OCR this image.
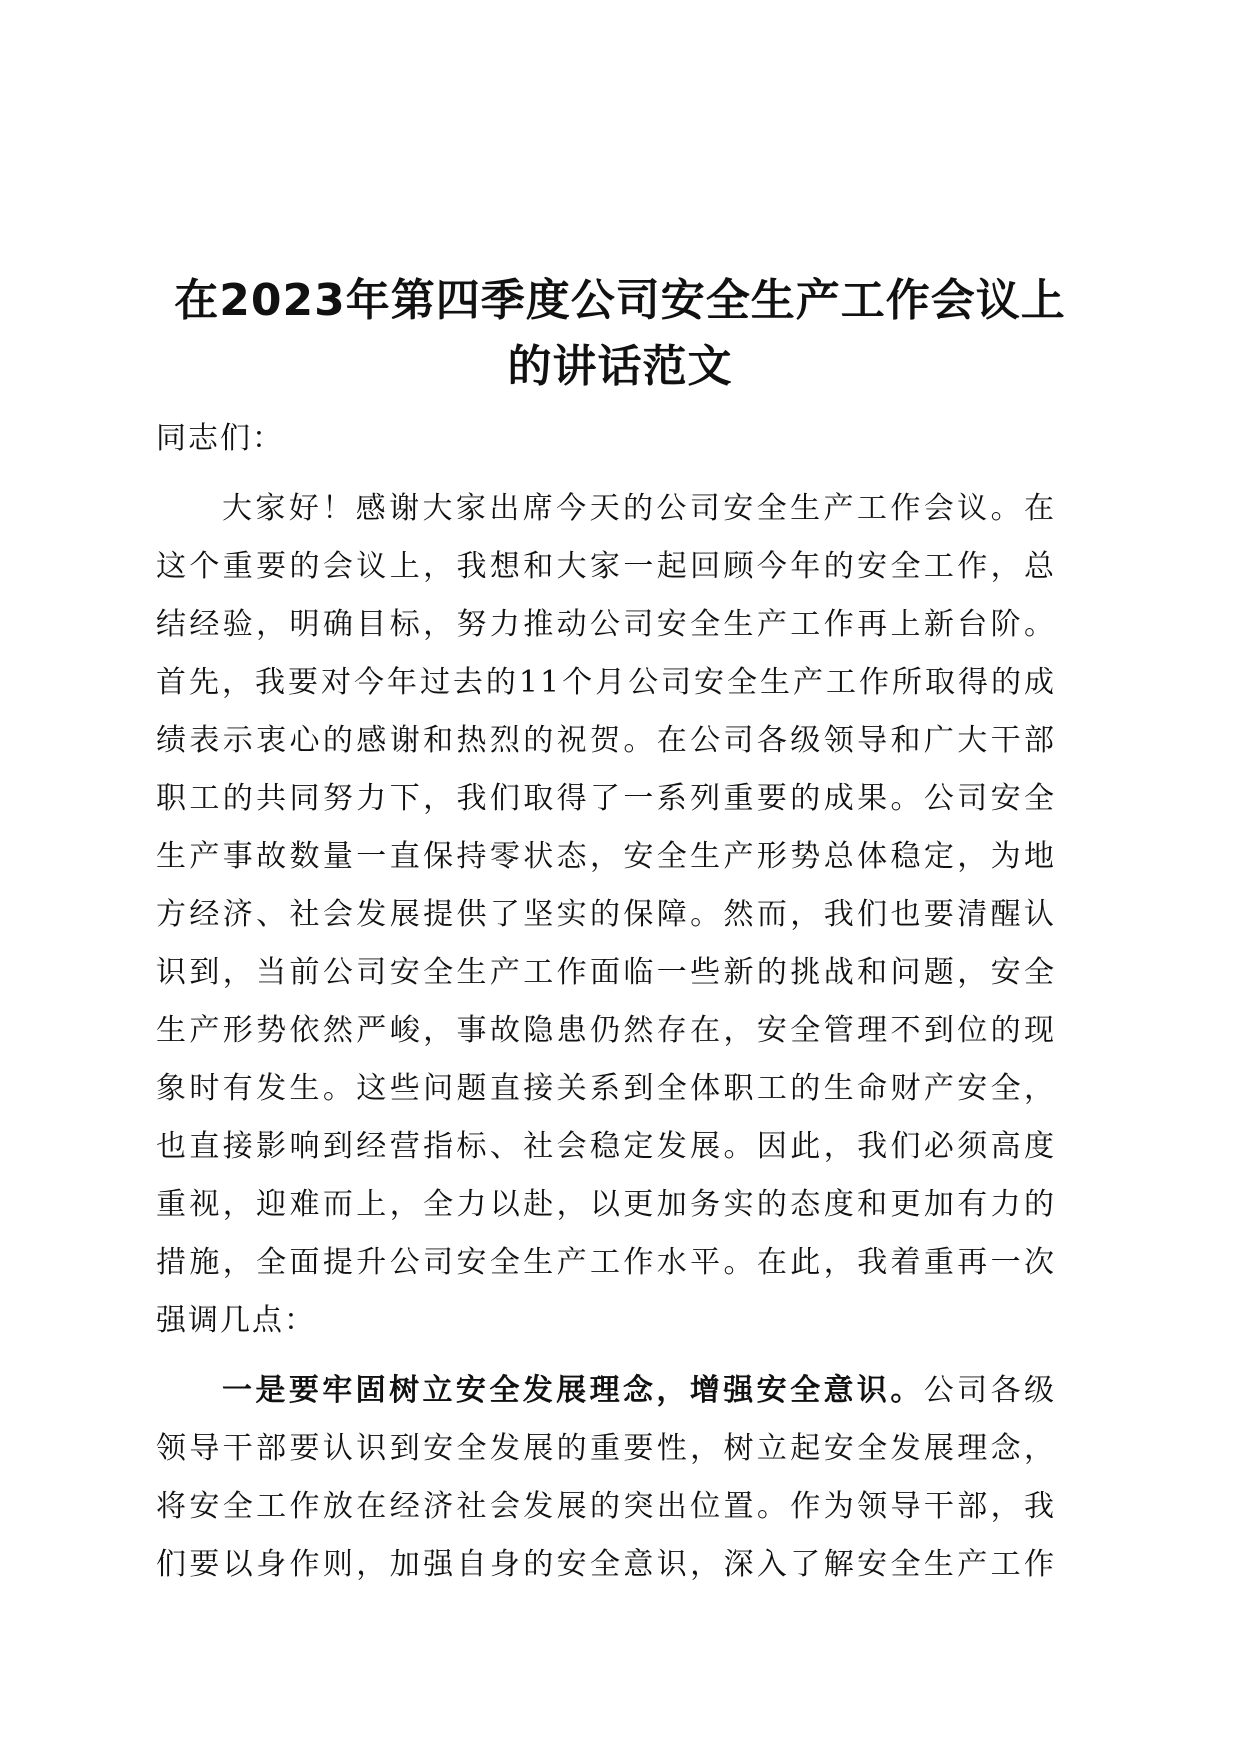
在2023年第四季度公司安全生产工作会议上
的讲话范文
同志们：
大家好！感谢大家出席今天的公司安全生产工作会议。在
这个重要的会议上，我想和大家一起回顾今年的安全工作，总
结经验，明确目标，努力推动公司安全生产工作再上新台阶。
首先，我要对今年过去的11个月公司安全生产工作所取得的成
绩表示衷心的感谢和热烈的祝贺。在公司各级领导和广大干部
职工的共同努力下，我们取得了一系列重要的成果。公司安全
生产事故数量一直保持零状态，安全生产形势总体稳定，为地
方经济、社会发展提供了坚实的保障。然而，我们也要清醒认
识到，当前公司安全生产工作面临一些新的挑战和问题，安全
生产形势依然严峻，事故隐患仍然存在，安全管理不到位的现
象时有发生。这些问题直接关系到全体职工的生命财产安全，
也直接影响到经营指标、社会稳定发展。因此，我们必须高度
重视，迎难而上，全力以赴，以更加务实的态度和更加有力的
措施，全面提升公司安全生产工作水平。在此，我着重再一次
强调几点：
一是要牢固树立安全发展理念，增强安全意识。公司各级
领导干部要认识到安全发展的重要性，树立起安全发展理念，
将安全工作放在经济社会发展的突出位置。作为领导干部，我
们要以身作则，加强自身的安全意识，深入了解安全生产工作
